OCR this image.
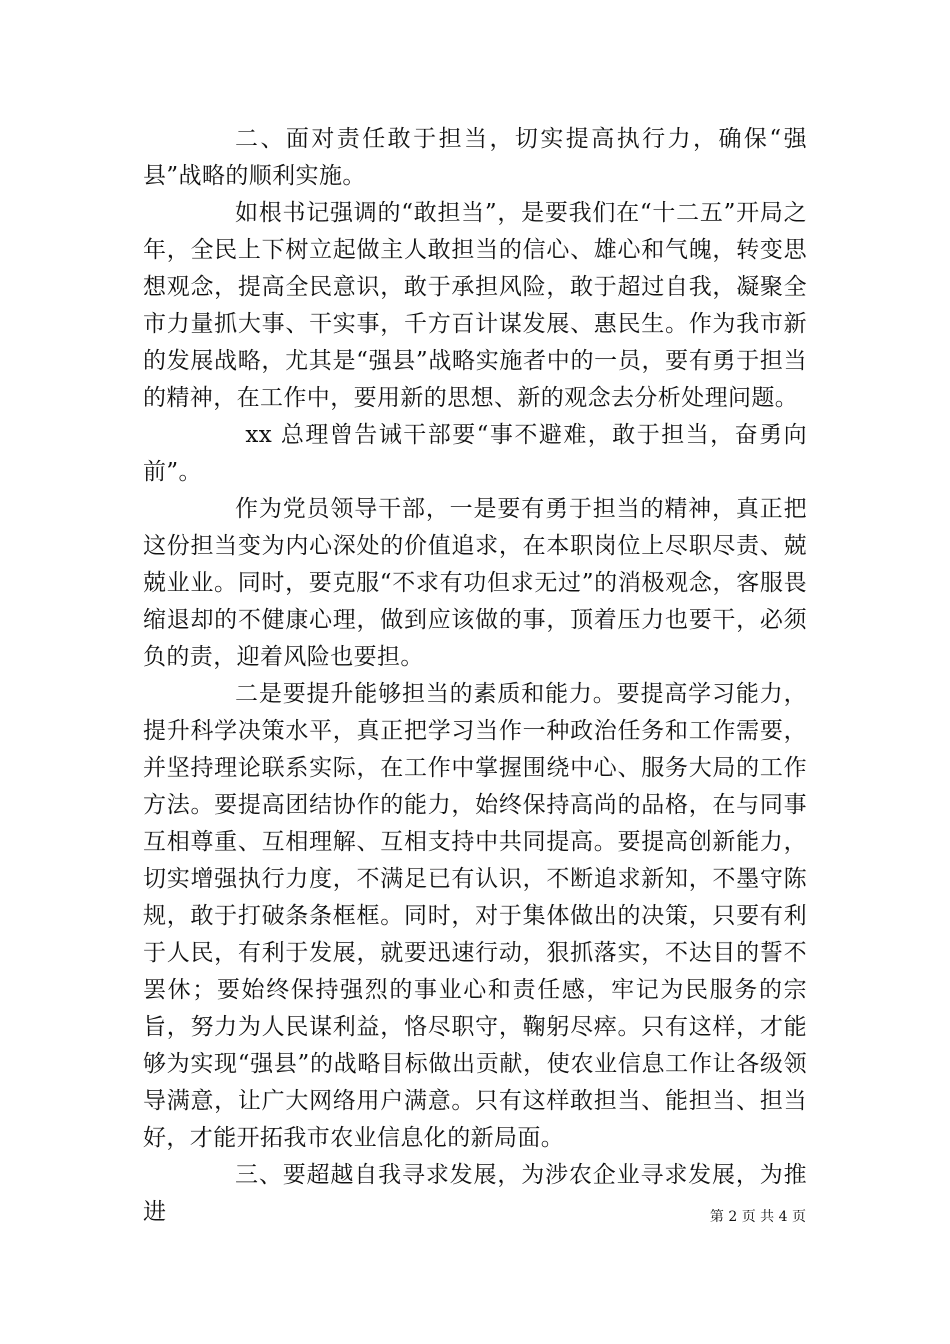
二、面对责任敢于担当，切实提高执行力，确保“强县”战略的顺利实施。

如根书记强调的“敢担当”，是要我们在“十二五”开局之年，全民上下树立起做主人敢担当的信心、雄心和气魄，转变思想观念，提高全民意识，敢于承担风险，敢于超过自我，凝聚全市力量抓大事、干实事，千方百计谋发展、惠民生。作为我市新的发展战略，尤其是“强县”战略实施者中的一员，要有勇于担当的精神，在工作中，要用新的思想、新的观念去分析处理问题。

xx 总理曾告诫干部要“事不避难，敢于担当，奋勇向前”。

作为党员领导干部，一是要有勇于担当的精神，真正把这份担当变为内心深处的价值追求，在本职岗位上尽职尽责、兢兢业业。同时，要克服“不求有功但求无过”的消极观念，客服畏缩退却的不健康心理，做到应该做的事，顶着压力也要干，必须负的责，迎着风险也要担。

二是要提升能够担当的素质和能力。要提高学习能力，提升科学决策水平，真正把学习当作一种政治任务和工作需要，并坚持理论联系实际，在工作中掌握围绕中心、服务大局的工作方法。要提高团结协作的能力，始终保持高尚的品格，在与同事互相尊重、互相理解、互相支持中共同提高。要提高创新能力，切实增强执行力度，不满足已有认识，不断追求新知，不墨守陈规，敢于打破条条框框。同时，对于集体做出的决策，只要有利于人民，有利于发展，就要迅速行动，狠抓落实，不达目的誓不罢休；要始终保持强烈的事业心和责任感，牢记为民服务的宗旨，努力为人民谋利益，恪尽职守，鞠躬尽瘁。只有这样，才能够为实现“强县”的战略目标做出贡献，使农业信息工作让各级领导满意，让广大网络用户满意。只有这样敢担当、能担当、担当好，才能开拓我市农业信息化的新局面。

三、要超越自我寻求发展，为涉农企业寻求发展，为推进	第 2 页 共 4 页
